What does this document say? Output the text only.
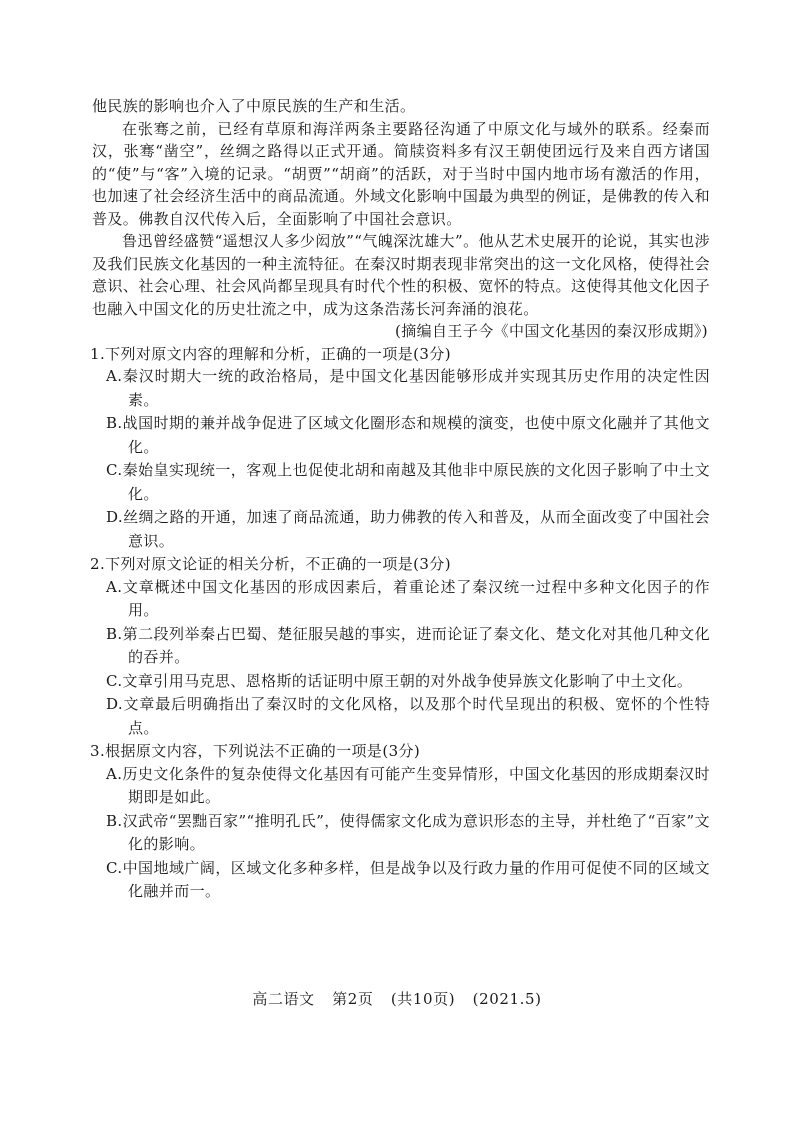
他民族的影响也介入了中原民族的生产和生活。

在张骞之前，已经有草原和海洋两条主要路径沟通了中原文化与域外的联系。经秦而汉，张骞“凿空”，丝绸之路得以正式开通。简牍资料多有汉王朝使团远行及来自西方诸国的“使”与“客”入境的记录。“胡贾”“胡商”的活跃，对于当时中国内地市场有激活的作用，也加速了社会经济生活中的商品流通。外域文化影响中国最为典型的例证，是佛教的传入和普及。佛教自汉代传入后，全面影响了中国社会意识。

鲁迅曾经盛赞“遥想汉人多少闳放”“气魄深沈雄大”。他从艺术史展开的论说，其实也涉及我们民族文化基因的一种主流特征。在秦汉时期表现非常突出的这一文化风格，使得社会意识、社会心理、社会风尚都呈现具有时代个性的积极、宽怀的特点。这使得其他文化因子也融入中国文化的历史壮流之中，成为这条浩荡长河奔涌的浪花。

(摘编自王子今《中国文化基因的秦汉形成期》)

1.下列对原文内容的理解和分析，正确的一项是(3分)

A.秦汉时期大一统的政治格局，是中国文化基因能够形成并实现其历史作用的决定性因素。

B.战国时期的兼并战争促进了区域文化圈形态和规模的演变，也使中原文化融并了其他文化。

C.秦始皇实现统一，客观上也促使北胡和南越及其他非中原民族的文化因子影响了中土文化。

D.丝绸之路的开通，加速了商品流通，助力佛教的传入和普及，从而全面改变了中国社会意识。

2.下列对原文论证的相关分析，不正确的一项是(3分)

A.文章概述中国文化基因的形成因素后，着重论述了秦汉统一过程中多种文化因子的作用。

B.第二段列举秦占巴蜀、楚征服吴越的事实，进而论证了秦文化、楚文化对其他几种文化的吞并。

C.文章引用马克思、恩格斯的话证明中原王朝的对外战争使异族文化影响了中土文化。

D.文章最后明确指出了秦汉时的文化风格，以及那个时代呈现出的积极、宽怀的个性特点。

3.根据原文内容，下列说法不正确的一项是(3分)

A.历史文化条件的复杂使得文化基因有可能产生变异情形，中国文化基因的形成期秦汉时期即是如此。

B.汉武帝“罢黜百家”“推明孔氏”，使得儒家文化成为意识形态的主导，并杜绝了“百家”文化的影响。

C.中国地域广阔，区域文化多种多样，但是战争以及行政力量的作用可促使不同的区域文化融并而一。

高二语文 第2页 (共10页) (2021.5)
